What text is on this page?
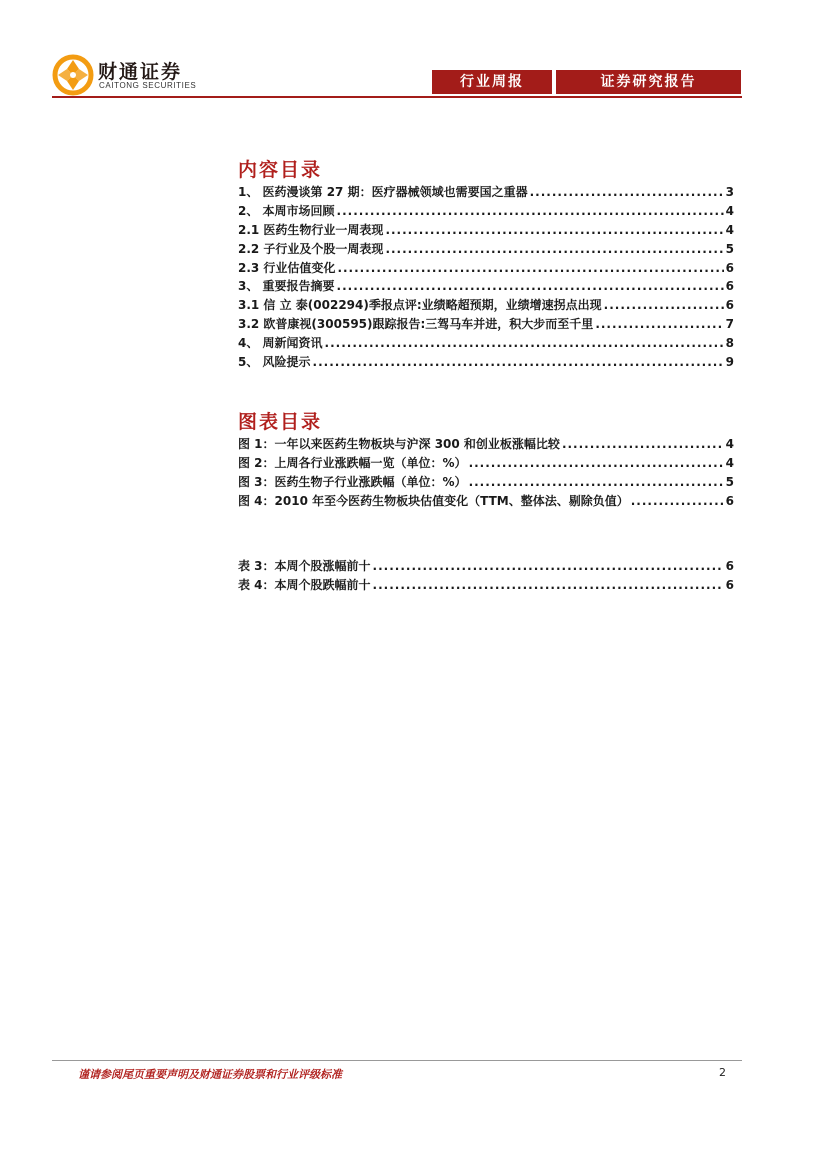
财通证券
CAITONG SECURITIES	行业周报	证券研究报告
内容目录
1、 医药漫谈第 27 期：医疗器械领域也需要国之重器 .....	3
2、 本周市场回顾 .....	4
2.1 医药生物行业一周表现 .....	4
2.2 子行业及个股一周表现 .....	5
2.3 行业估值变化 .....	6
3、 重要报告摘要 .....	6
3.1 信 立 泰(002294)季报点评:业绩略超预期，业绩增速拐点出现 .....	6
3.2 欧普康视(300595)跟踪报告:三驾马车并进，积大步而至千里 .....	7
4、 周新闻资讯 .....	8
5、 风险提示 .....	9
图表目录
图 1：一年以来医药生物板块与沪深 300 和创业板涨幅比较 .....	4
图 2：上周各行业涨跌幅一览（单位：%） .....	4
图 3：医药生物子行业涨跌幅（单位：%） .....	5
图 4：2010 年至今医药生物板块估值变化（TTM、整体法、剔除负值） .....	6
表 3：本周个股涨幅前十 .....	6
表 4：本周个股跌幅前十 .....	6
谨请参阅尾页重要声明及财通证券股票和行业评级标准	2
